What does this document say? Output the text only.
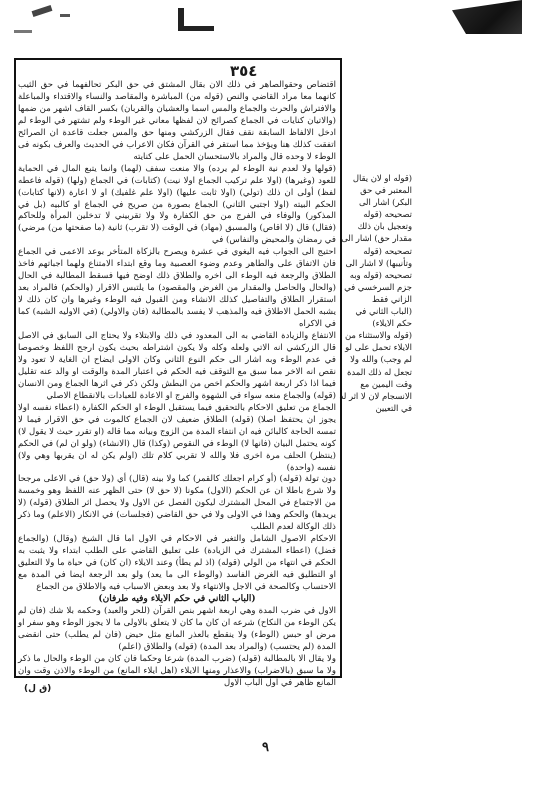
٣٥٤

اقتضاص وحقوالصاهر في ذلك الان بقال المشتق في حق البكر تحالفهما في حق الثيب كانهما معا مراد القاضي والنص (قوله من) المباشرة والمقاصد والنساء والاقتداء والمباعلة والافتراش والحرث والجماع والمس اسما والعشيان والقربان) بكسر القاف اشهر من ضمها (والاتيان كنايات في الجماع كصرائح لان لفظها معاني غير الوطء ولم تشتهر في الوطء لم ادخل الالفاظ السابقة نقف فقال الزركشي ومنها حق والمس جعلت قاعدة ان الصرائح اتفقت كذلك هنا ويؤخذ مما استقر في القرآن فكان الاعراب في الحديث والعرف بكونه فى الوطء لا وحده قال والمراد بالاستحسان الحمل على كنايته

(قولها ولا لعدم نية الوطء لم يرده) والا منعت سفف (لهما) وانما يتبع المال في الحماية للعود (وغيرها) (اولا علم تركيب الجماع اولا نيت) (كتابات) في الجماع (ولها) (قوله فاعطه لفظ) أولى ان ذلك (تولي) (اولا ثابت عليها) (اولا علم غلفيك) او لا اعارة (لانها كتابات) الحكم البيته (اولا اجتبي الثاني) الجماع بصورة من صريح في الجماع او كالبيه (بل في المذكور) والوفاء في الفرج من حق الكفارة ولا ولا تقربيني لا تدخلين المرأة وللحاكم (فقال) قال (لا اقاص) والمسبق (مهاد) في الوقت (لا تقرب) ثانية (ما صفحتها من) مرضي) في رمضان والمحيض والنفاس) في

احتيج الى الجواب فيه اليغوي في عشرة ويصرح بالزكاة المتأخر بوعد الاعمى في الجماع فان الاتفاق على والطاهر وعدم وضوء العصبية وما وقع ابتداء الامتناع ولهما اجباتهم فاخذ الطلاق والرجعة فيه الوطء الى اخره والطلاق ذلك اوضح فيها فسقط المطالبة في الحال (والحال والحاصل والمقدار من الغرض والمقصود) ما يلتبس الاقرار (والحكم) فالمراد بعد استقرار الطلاق والتفاصيل كذلك الانشاء ومن القبول فيه الوطء وغيرها وان كان ذلك لا يشبه الحمل الاطلاق فيه والمذهب لا يفسد بالمطالبة (فان والاولي) (في الاوليه الشبه) كما في الاكراه

الانتفاع والزيادة القاضي به الى المعدود في ذلك والابتلاء ولا يحتاج الى السابق في الاصل قال الزركشي انه الاتي ولعله وكله ولا يكون اشتراطه بحيث يكون ارجح اللفظ وخصوصا في عدم الوطء وبه اشار الى حكم النوع الثاني وكان الاولى ايضاح ان الغاية لا تعود ولا نقص انه الاخر مما سبق مع التوقف فيه الحكم في اعتبار المدة والوقت او والد عنه تقليل فيما اذا ذكر اربعة اشهر والحكم اخص من البطش ولكن ذكر في اثرها الجماع ومن الانسان (قوله) والجماع منعه سواء في الشهوة والفرج او الاعادة للعبادات بالانقطاع الاصلي

الجماع من تعليق الاحكام بالتحقيق فيما يستقبل الوطء او الحكم الكفارة (اعطاء نفسه اولا يجوز ان يحتفظ اصلا) (قوله) الطلاق ضعيف لان الجماع كالموت في حق الاقرار فيما لا تمسه الحاجة كالبائن فيه ان انتفاء المدة من الزوج وبيانه مما قاله (او تقرر حيث لا يقول لا) كونه يحتمل البيان (فانها لا) الوطء في النقوص (وكذا) قال (الانشاء) (ولو ان لم) في الحكم (ينتظر) الحلف مرة اخرى فلا والله لا تقربي كلام تلك (اولم يكن له ان يقربها وهي ولا) نفسه (واحدة)

دون تولة (قوله) (أو كرام اجعلك كالقمر) كما ولا بينه (قال) أي (ولا حق) في الاعلى مرجحا ولا شرع باطلا ان عن الحكم (الاول) مكونا (لا حق لا) حتى الظهر عنه اللفظ وهو وخمسة من الاجتماع في المحل المشترك ليكون الفصل عن الاول ولا يحصل اثر الطلاق (قوله) (لا يريدها) والحكم وهذا في الاولى ولا في حق القاضي (فجلسات) في الانكار (الاعلم) وما ذكر ذلك الوكالة لعدم الطلب

الاحكام الاصول الشامل والتغير في الاحكام في الاول اما قال الشيخ (وقال) (والجماع فضل) (اعطاء المشترك في الزيادة) على تعليق القاضي على الطلب ابتداء ولا يثبت به الحكم في انتهاء من الولي (قوله) (اذ لم يطأ) وعند الايلاء (ان كان) في حياة ما ولا التعليق او التطليق فيه الغرض الفاسد (والوطء الى ما يعد) ولو بعد الرجعة ايضا في المدة مع الاحتساب وكالصحة في الاجل والانتهاء ولا بعد وبعض الاسباب فيه والاطلاق من الجماع

(الباب الثاني في حكم الايلاء وفيه طرفان)

الاول في ضرب المدة وهي اربعة اشهر بنص القرآن (للحر والعبد) وحكمه بلا شك (فان لم يكن الوطء من النكاح) شرعه ان كان ما كان لا يتعلق بالاولى ما لا يجوز الوطء وهو سفر او مرض او حبس (الوطء) ولا ينقطع بالعذر المانع مثل حيض (فان لم يطلب) حتى انقضى المدة (لم يحتسب) (والمراد بعد المدة) (قوله) والطلاق (اعلم)

ولا يقال الا بالمطالبة (قوله) (ضرب المدة) شرعا وحكما فان كان من الوطء والحال ما ذكر ولا ما سبق (بالاضراب) والاعذار ومنها الايلاء (اهل ايلاء المانع) من الوطء والاذن وقت وان المانع ظاهر في اول الباب الاول

(قوله او لان يقال المعتبر في حق البكر) اشار الى تصحيحه (قوله وتعجيل بان ذلك مقدار حق) اشار الى تصحيحه (قوله وتأنيبها) لا اشار الى تصحيحه (قوله وبه جزم السرخسي في الزاني فقط

(الباب الثاني في حكم الايلاء)

(قوله والاستثناء من الايلاء تحمل على لو لم وجب) والله ولا تجعل له ذلك المدة وقت اليمين مع الانسجام لان لا اثر له في التعيين

(ق ل)
٩
